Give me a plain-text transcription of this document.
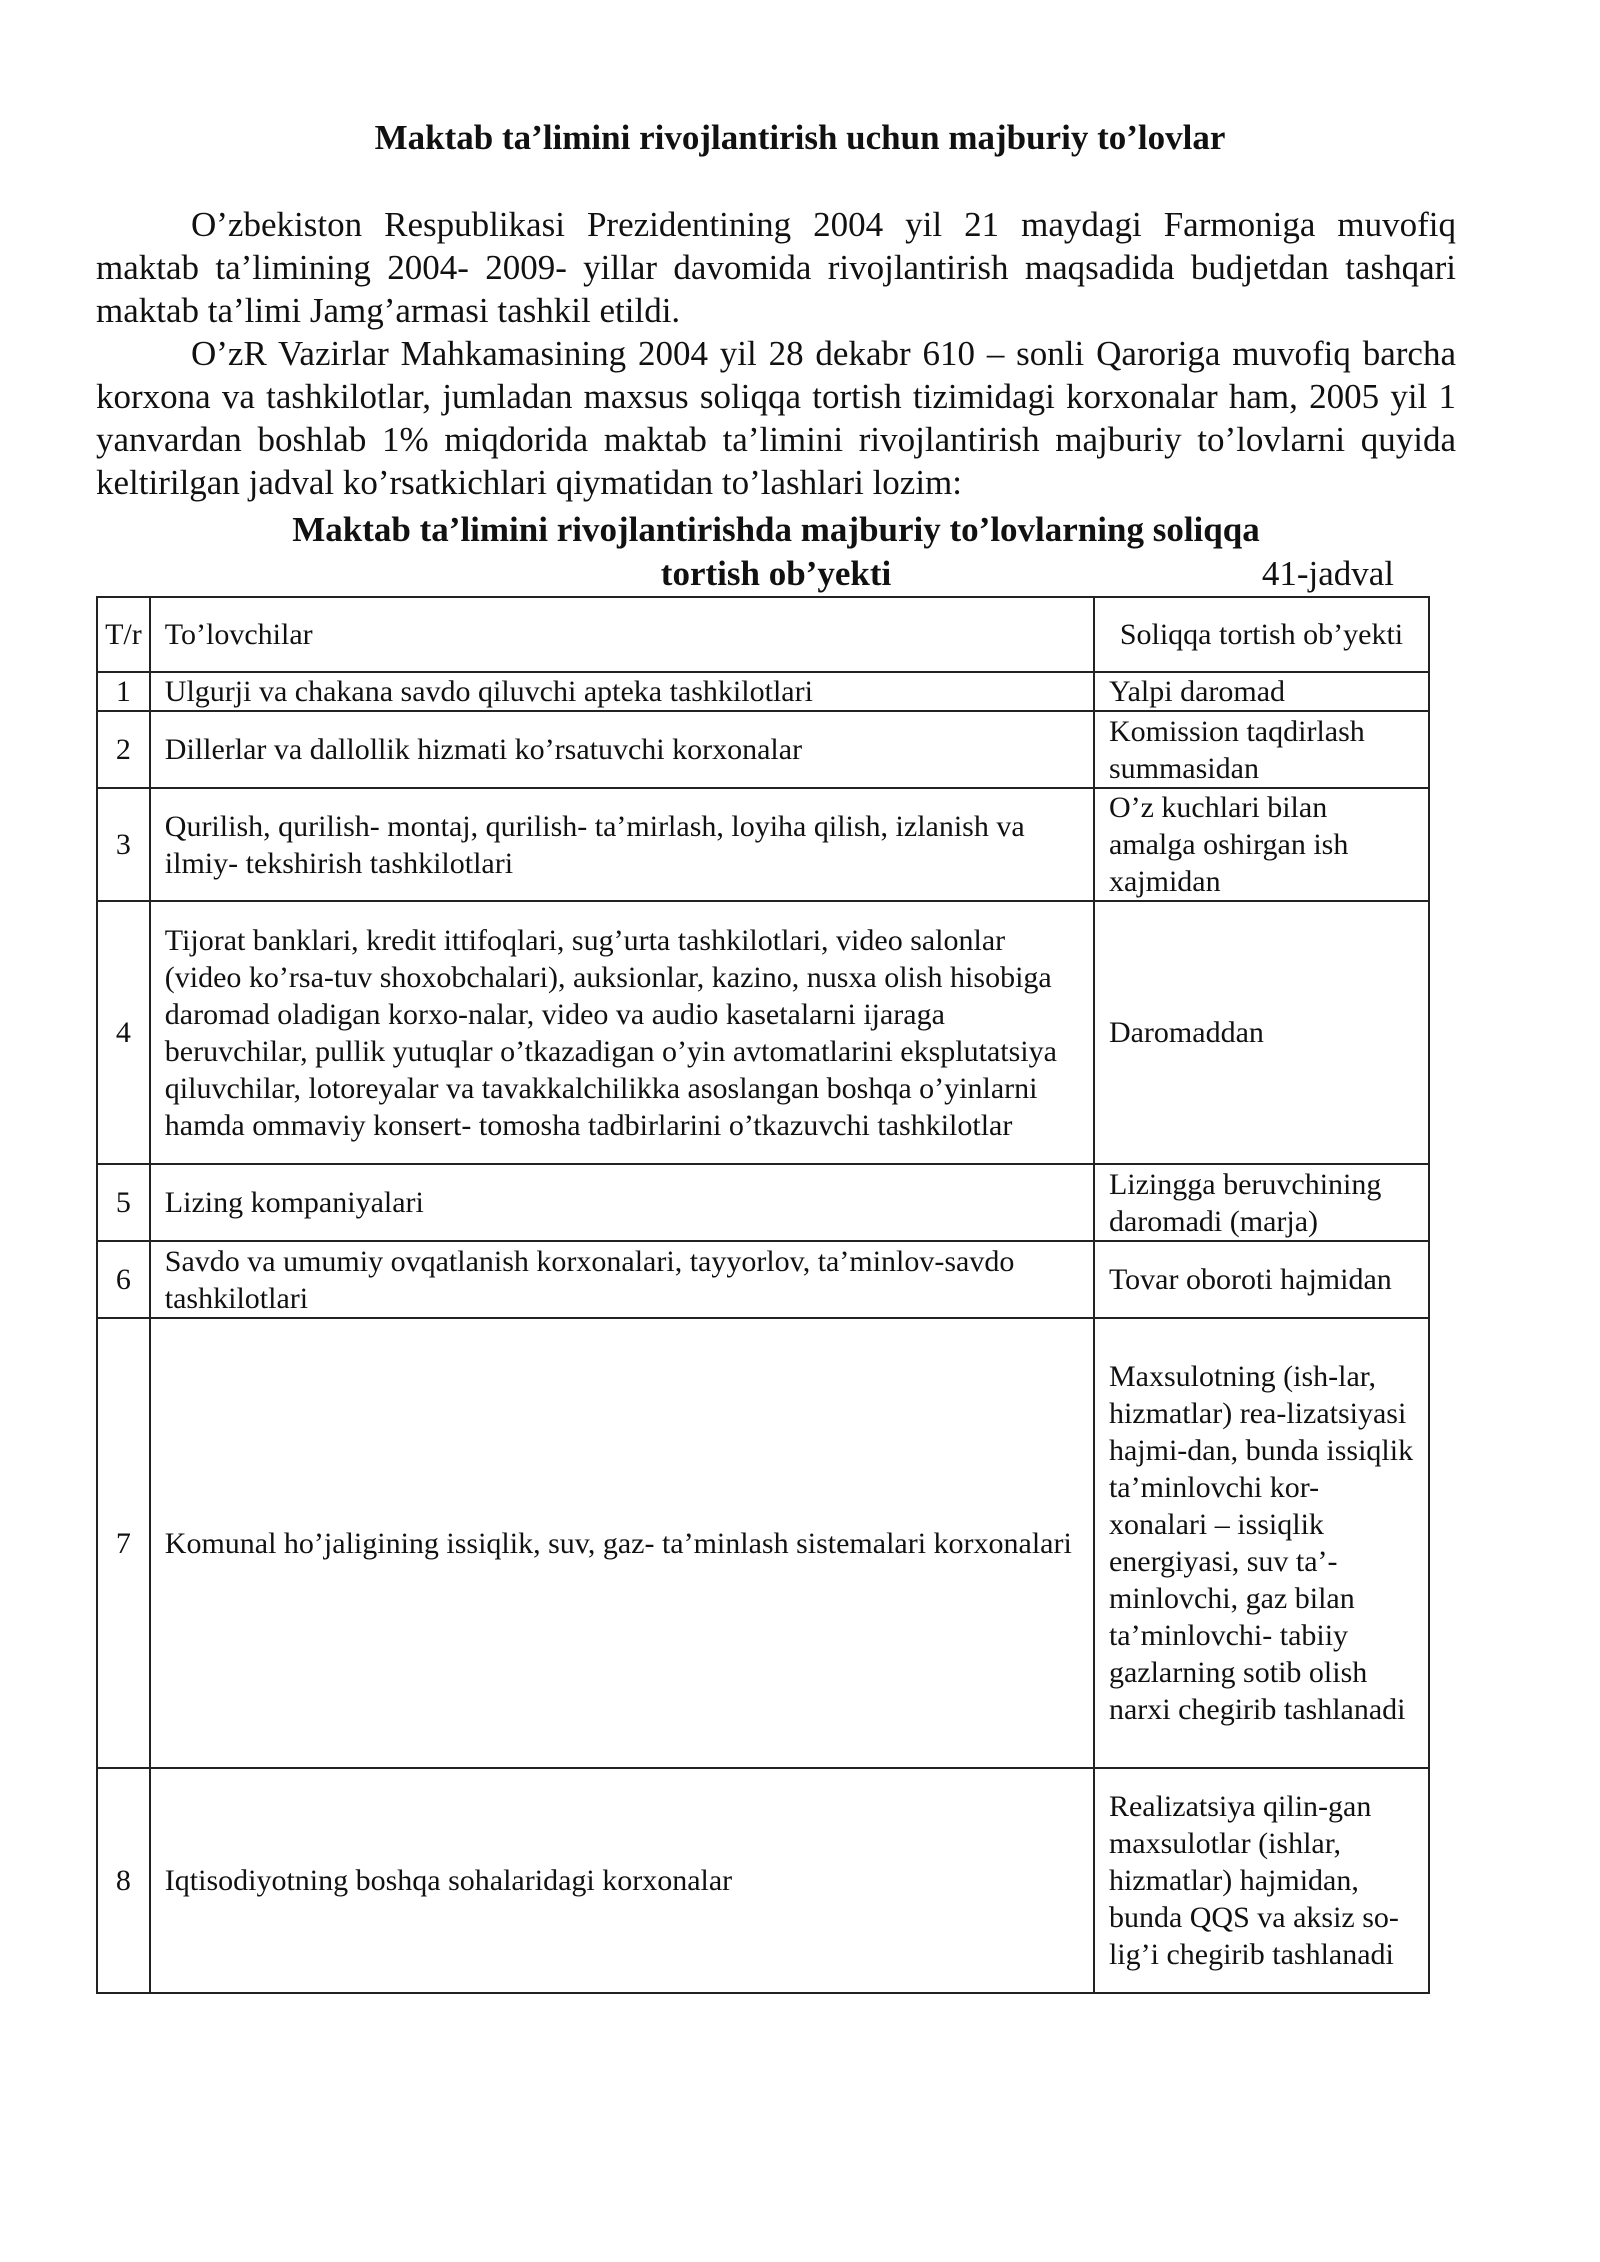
Maktab ta’limini rivojlantirish uchun majburiy to’lovlar

O’zbekiston Respublikasi Prezidentining 2004 yil 21 maydagi Farmoniga muvofiq maktab ta’limining 2004- 2009- yillar davomida rivojlantirish maqsadida budjetdan tashqari maktab ta’limi Jamg’armasi tashkil etildi.

O’zR Vazirlar Mahkamasining 2004 yil 28 dekabr 610 – sonli Qaroriga muvofiq barcha korxona va tashkilotlar, jumladan maxsus soliqqa tortish tizimidagi korxonalar ham, 2005 yil 1 yanvardan boshlab 1% miqdorida maktab ta’limini rivojlantirish majburiy to’lovlarni quyida keltirilgan jadval ko’rsatkichlari qiymatidan to’lashlari lozim:

Maktab ta’limini rivojlantirishda majburiy to’lovlarning soliqqa
tortish ob’yekti	41-jadval
T/r	To’lovchilar	Soliqqa tortish ob’yekti
1	Ulgurji va chakana savdo qiluvchi apteka tashkilotlari	Yalpi daromad
2	Dillerlar va dallollik hizmati ko’rsatuvchi korxonalar	Komission taqdirlash summasidan
3	Qurilish, qurilish- montaj, qurilish- ta’mirlash, loyiha qilish, izlanish va ilmiy- tekshirish tashkilotlari	O’z kuchlari bilan amalga oshirgan ish xajmidan
4	Tijorat banklari, kredit ittifoqlari, sug’urta tashkilotlari, video salonlar (video ko’rsa-tuv shoxobchalari), auksionlar, kazino, nusxa olish hisobiga daromad oladigan korxo-nalar, video va audio kasetalarni ijaraga beruvchilar, pullik yutuqlar o’tkazadigan o’yin avtomatlarini eksplutatsiya qiluvchilar, lotoreyalar va tavakkalchilikka asoslangan boshqa o’yinlarni hamda ommaviy konsert- tomosha tadbirlarini o’tkazuvchi tashkilotlar	Daromaddan
5	Lizing kompaniyalari	Lizingga beruvchining daromadi (marja)
6	Savdo va umumiy ovqatlanish korxonalari, tayyorlov, ta’minlov-savdo tashkilotlari	Tovar oboroti hajmidan
7	Komunal ho’jaligining issiqlik, suv, gaz- ta’minlash sistemalari korxonalari	Maxsulotning (ish-lar, hizmatlar) rea-lizatsiyasi hajmi-dan, bunda issiqlik ta’minlovchi kor-xonalari – issiqlik energiyasi, suv ta’-minlovchi, gaz bilan ta’minlovchi- tabiiy gazlarning sotib olish narxi chegirib tashlanadi
8	Iqtisodiyotning boshqa sohalaridagi korxonalar	Realizatsiya qilin-gan maxsulotlar (ishlar, hizmatlar) hajmidan, bunda QQS va aksiz so-lig’i chegirib tashlanadi
